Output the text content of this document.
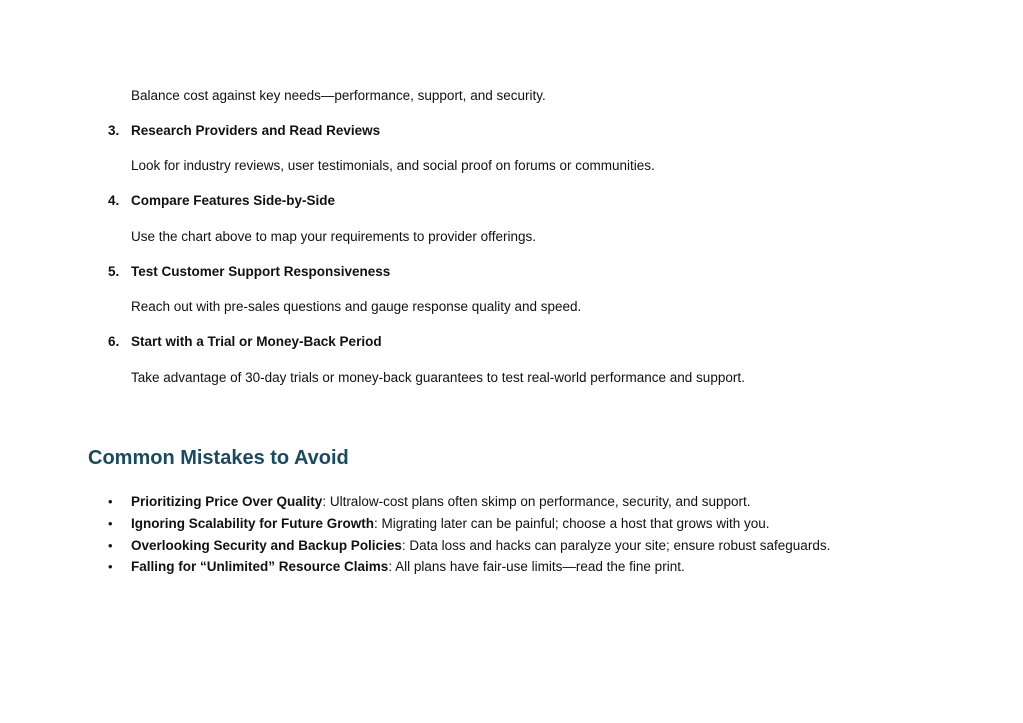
Balance cost against key needs—performance, support, and security.
3. Research Providers and Read Reviews
Look for industry reviews, user testimonials, and social proof on forums or communities.
4. Compare Features Side-by-Side
Use the chart above to map your requirements to provider offerings.
5. Test Customer Support Responsiveness
Reach out with pre-sales questions and gauge response quality and speed.
6. Start with a Trial or Money-Back Period
Take advantage of 30-day trials or money-back guarantees to test real-world performance and support.
Common Mistakes to Avoid
• Prioritizing Price Over Quality: Ultralow-cost plans often skimp on performance, security, and support.
• Ignoring Scalability for Future Growth: Migrating later can be painful; choose a host that grows with you.
• Overlooking Security and Backup Policies: Data loss and hacks can paralyze your site; ensure robust safeguards.
• Falling for “Unlimited” Resource Claims: All plans have fair-use limits—read the fine print.
